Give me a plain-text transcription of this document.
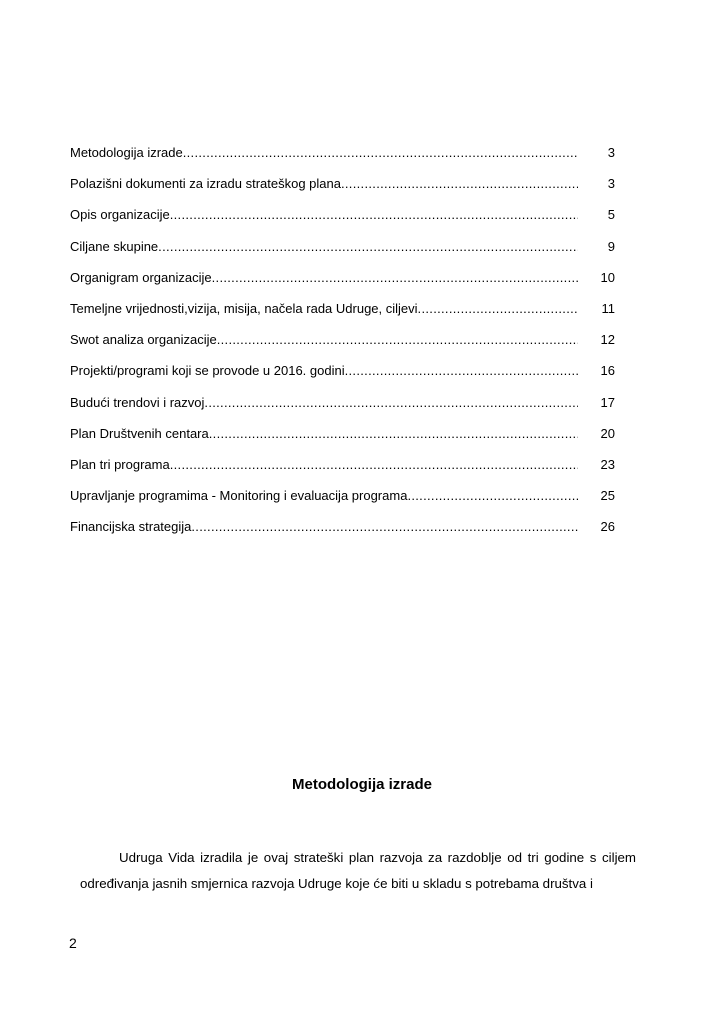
Metodologija izrade .....	3
Polazišni dokumenti za izradu strateškog plana .....	3
Opis organizacije .....	5
Ciljane skupine .....	9
Organigram organizacije .....	10
Temeljne vrijednosti,vizija, misija, načela rada Udruge, ciljevi .....	11
Swot analiza organizacije .....	12
Projekti/programi koji se provode u 2016. godini .....	16
Budući trendovi i razvoj .....	17
Plan Društvenih centara .....	20
Plan tri programa .....	23
Upravljanje programima - Monitoring i evaluacija programa .....	25
Financijska strategija .....	26
Metodologija izrade
Udruga Vida izradila je ovaj strateški plan razvoja za razdoblje od tri godine s ciljem određivanja jasnih smjernica razvoja Udruge koje će biti u skladu s potrebama društva i
2
